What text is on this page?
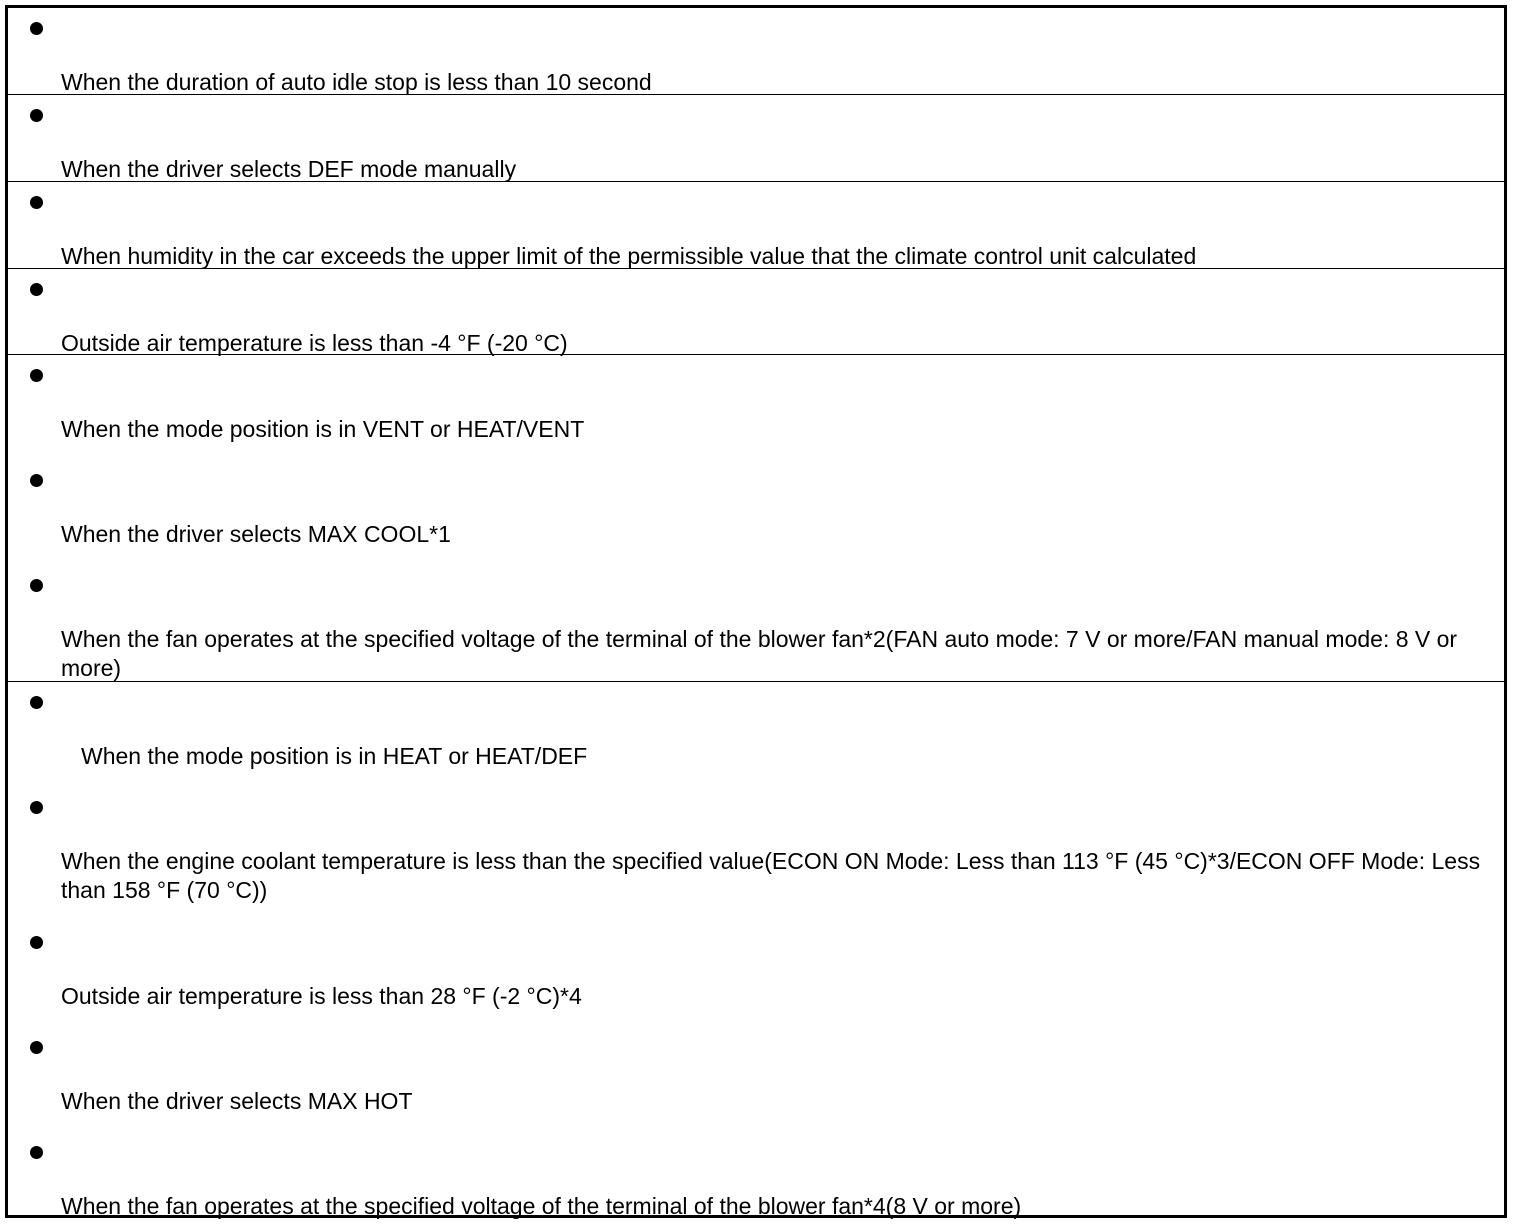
When the duration of auto idle stop is less than 10 second
When the driver selects DEF mode manually
When humidity in the car exceeds the upper limit of the permissible value that the climate control unit calculated
Outside air temperature is less than -4 °F (-20 °C)
When the mode position is in VENT or HEAT/VENT
When the driver selects MAX COOL*1
When the fan operates at the specified voltage of the terminal of the blower fan*2(FAN auto mode: 7 V or more/FAN manual mode: 8 V or more)
When the mode position is in HEAT or HEAT/DEF
When the engine coolant temperature is less than the specified value(ECON ON Mode: Less than 113 °F (45 °C)*3/ECON OFF Mode: Less than 158 °F (70 °C))
Outside air temperature is less than 28 °F (-2 °C)*4
When the driver selects MAX HOT
When the fan operates at the specified voltage of the terminal of the blower fan*4(8 V or more)
